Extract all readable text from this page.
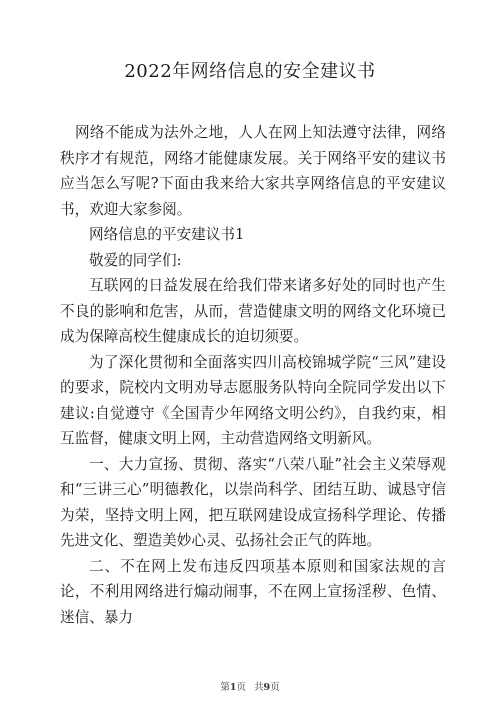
2022年网络信息的安全建议书

网络不能成为法外之地，人人在网上知法遵守法律，网络秩序才有规范，网络才能健康发展。关于网络平安的建议书应当怎么写呢?下面由我来给大家共享网络信息的平安建议书，欢迎大家参阅。

网络信息的平安建议书1

敬爱的同学们:

互联网的日益发展在给我们带来诸多好处的同时也产生不良的影响和危害，从而，营造健康文明的网络文化环境已成为保障高校生健康成长的迫切须要。

为了深化贯彻和全面落实四川高校锦城学院“三风”建设的要求，院校内文明劝导志愿服务队特向全院同学发出以下建议:自觉遵守《全国青少年网络文明公约》，自我约束，相互监督，健康文明上网，主动营造网络文明新风。

一、大力宣扬、贯彻、落实“八荣八耻”社会主义荣辱观和“三讲三心”明德教化，以崇尚科学、团结互助、诚恳守信为荣，坚持文明上网，把互联网建设成宣扬科学理论、传播先进文化、塑造美妙心灵、弘扬社会正气的阵地。

二、不在网上发布违反四项基本原则和国家法规的言论，不利用网络进行煽动闹事，不在网上宣扬淫秽、色情、迷信、暴力

第1页 共9页
